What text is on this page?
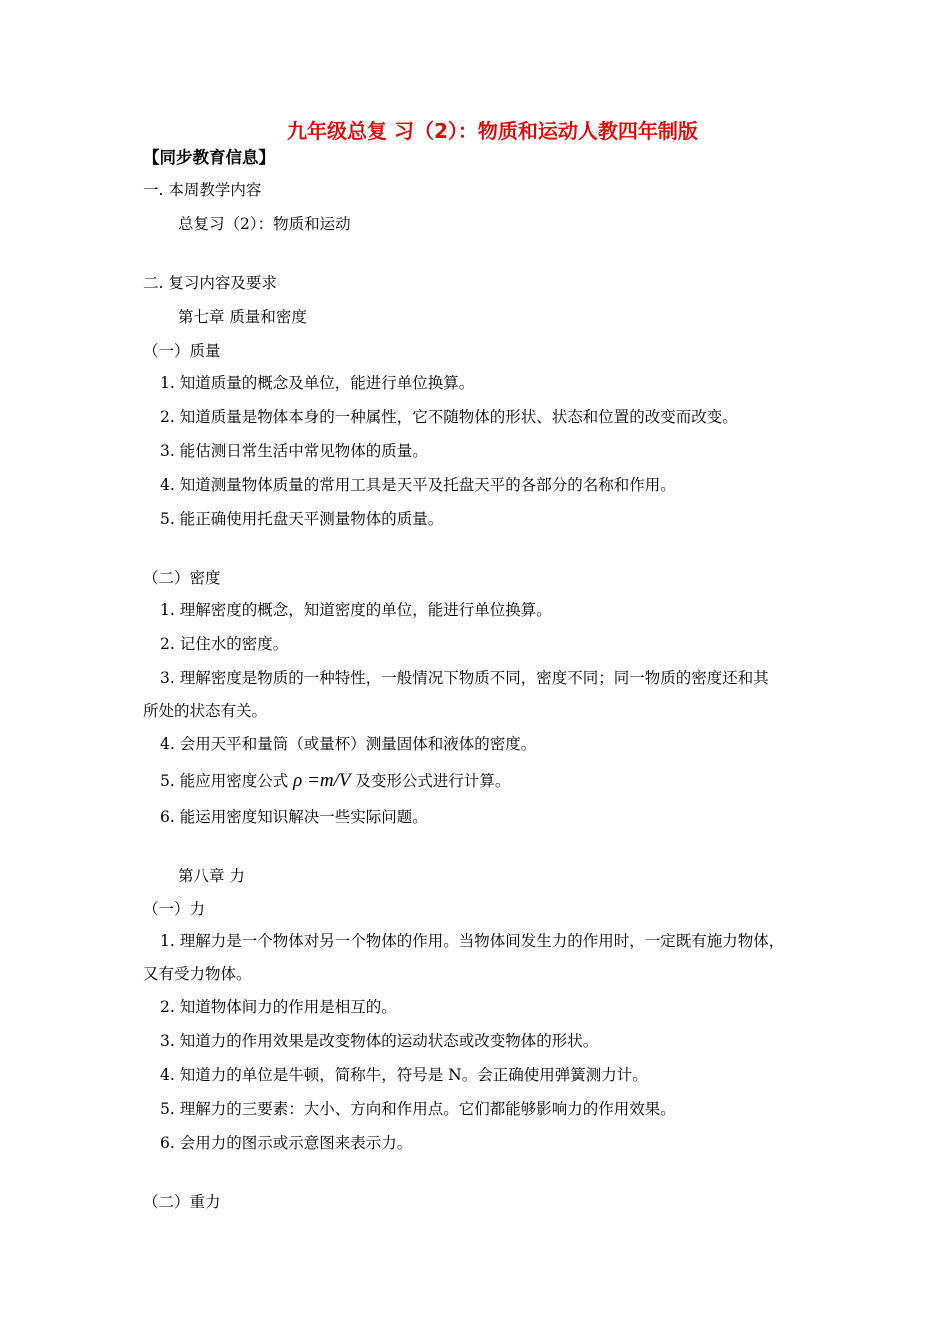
九年级总复 习（2）：物质和运动人教四年制版
【同步教育信息】
一. 本周教学内容
总复习（2）：物质和运动
二. 复习内容及要求
第七章 质量和密度
（一）质量
1. 知道质量的概念及单位，能进行单位换算。
2. 知道质量是物体本身的一种属性，它不随物体的形状、状态和位置的改变而改变。
3. 能估测日常生活中常见物体的质量。
4. 知道测量物体质量的常用工具是天平及托盘天平的各部分的名称和作用。
5. 能正确使用托盘天平测量物体的质量。
（二）密度
1. 理解密度的概念，知道密度的单位，能进行单位换算。
2. 记住水的密度。
3. 理解密度是物质的一种特性，一般情况下物质不同，密度不同；同一物质的密度还和其
所处的状态有关。
4. 会用天平和量筒（或量杯）测量固体和液体的密度。
5. 能应用密度公式 ρ =m/V 及变形公式进行计算。
6. 能运用密度知识解决一些实际问题。
第八章 力
（一）力
1. 理解力是一个物体对另一个物体的作用。当物体间发生力的作用时，一定既有施力物体，
又有受力物体。
2. 知道物体间力的作用是相互的。
3. 知道力的作用效果是改变物体的运动状态或改变物体的形状。
4. 知道力的单位是牛顿，简称牛，符号是 N。会正确使用弹簧测力计。
5. 理解力的三要素：大小、方向和作用点。它们都能够影响力的作用效果。
6. 会用力的图示或示意图来表示力。
（二）重力
